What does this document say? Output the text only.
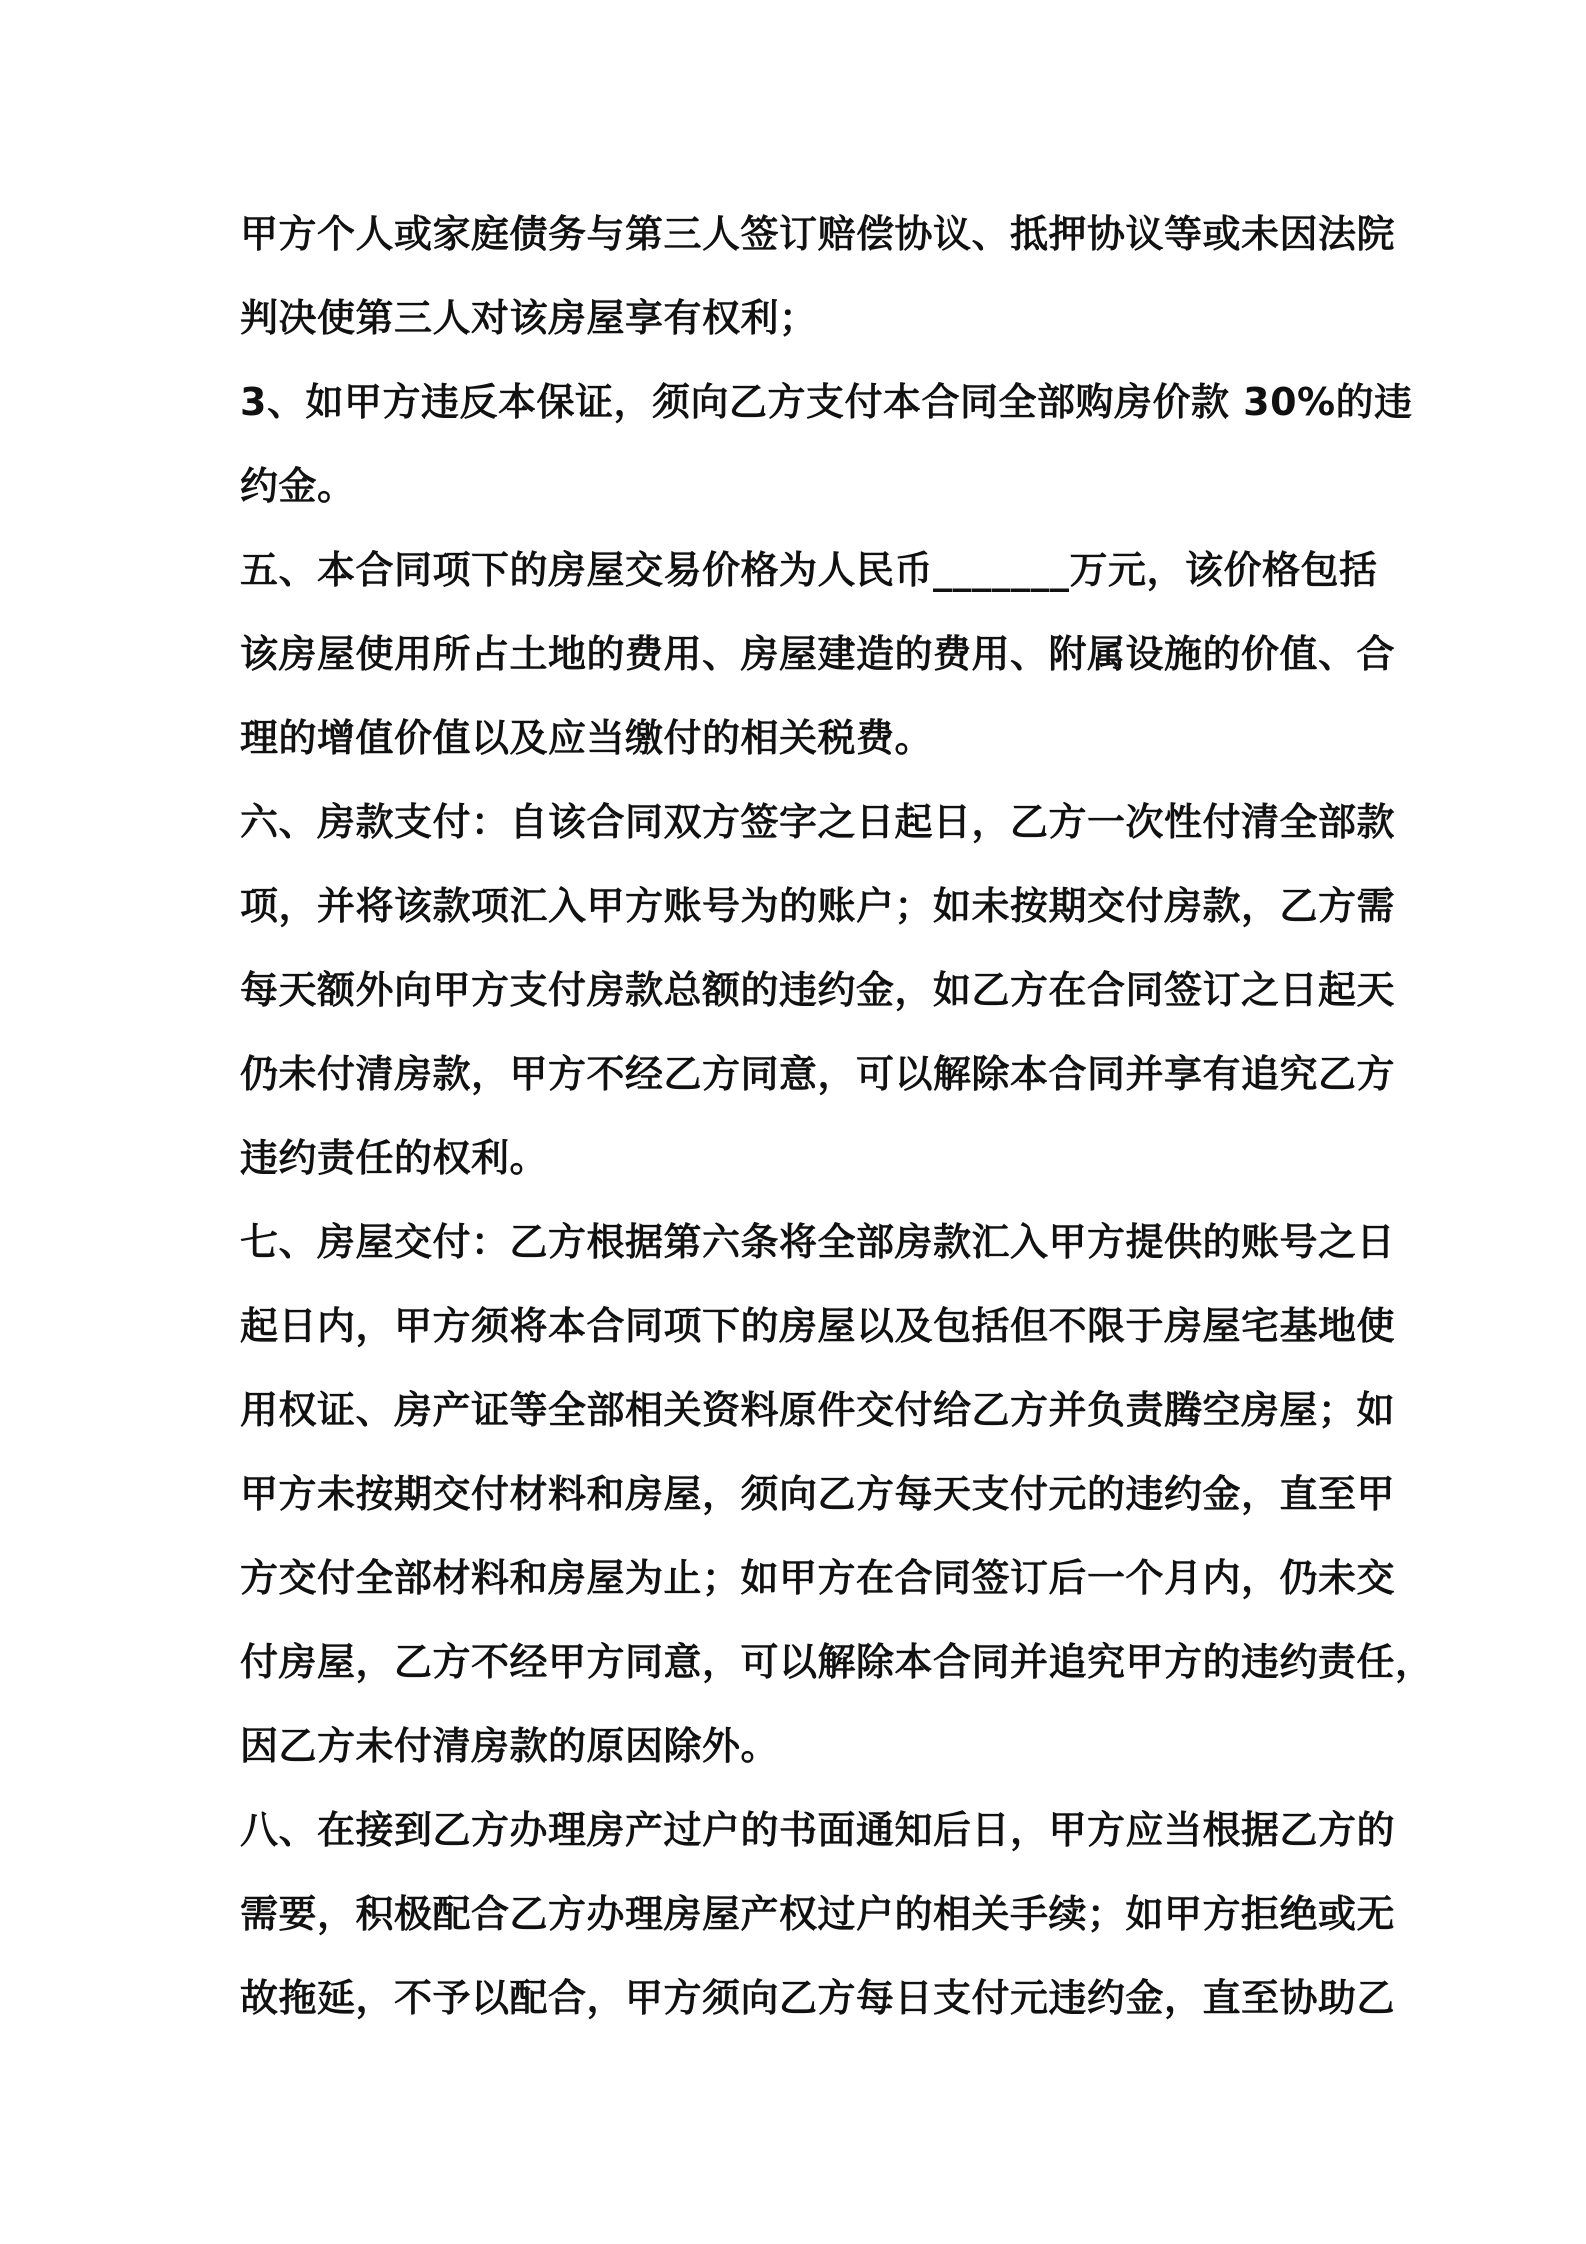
甲方个人或家庭债务与第三人签订赔偿协议、抵押协议等或未因法院
判决使第三人对该房屋享有权利；
3、如甲方违反本保证，须向乙方支付本合同全部购房价款 30%的违
约金。
五、本合同项下的房屋交易价格为人民币_______万元，该价格包括
该房屋使用所占土地的费用、房屋建造的费用、附属设施的价值、合
理的增值价值以及应当缴付的相关税费。
六、房款支付：自该合同双方签字之日起日，乙方一次性付清全部款
项，并将该款项汇入甲方账号为的账户；如未按期交付房款，乙方需
每天额外向甲方支付房款总额的违约金，如乙方在合同签订之日起天
仍未付清房款，甲方不经乙方同意，可以解除本合同并享有追究乙方
违约责任的权利。
七、房屋交付：乙方根据第六条将全部房款汇入甲方提供的账号之日
起日内，甲方须将本合同项下的房屋以及包括但不限于房屋宅基地使
用权证、房产证等全部相关资料原件交付给乙方并负责腾空房屋；如
甲方未按期交付材料和房屋，须向乙方每天支付元的违约金，直至甲
方交付全部材料和房屋为止；如甲方在合同签订后一个月内，仍未交
付房屋，乙方不经甲方同意，可以解除本合同并追究甲方的违约责任，
因乙方未付清房款的原因除外。
八、在接到乙方办理房产过户的书面通知后日，甲方应当根据乙方的
需要，积极配合乙方办理房屋产权过户的相关手续；如甲方拒绝或无
故拖延，不予以配合，甲方须向乙方每日支付元违约金，直至协助乙
